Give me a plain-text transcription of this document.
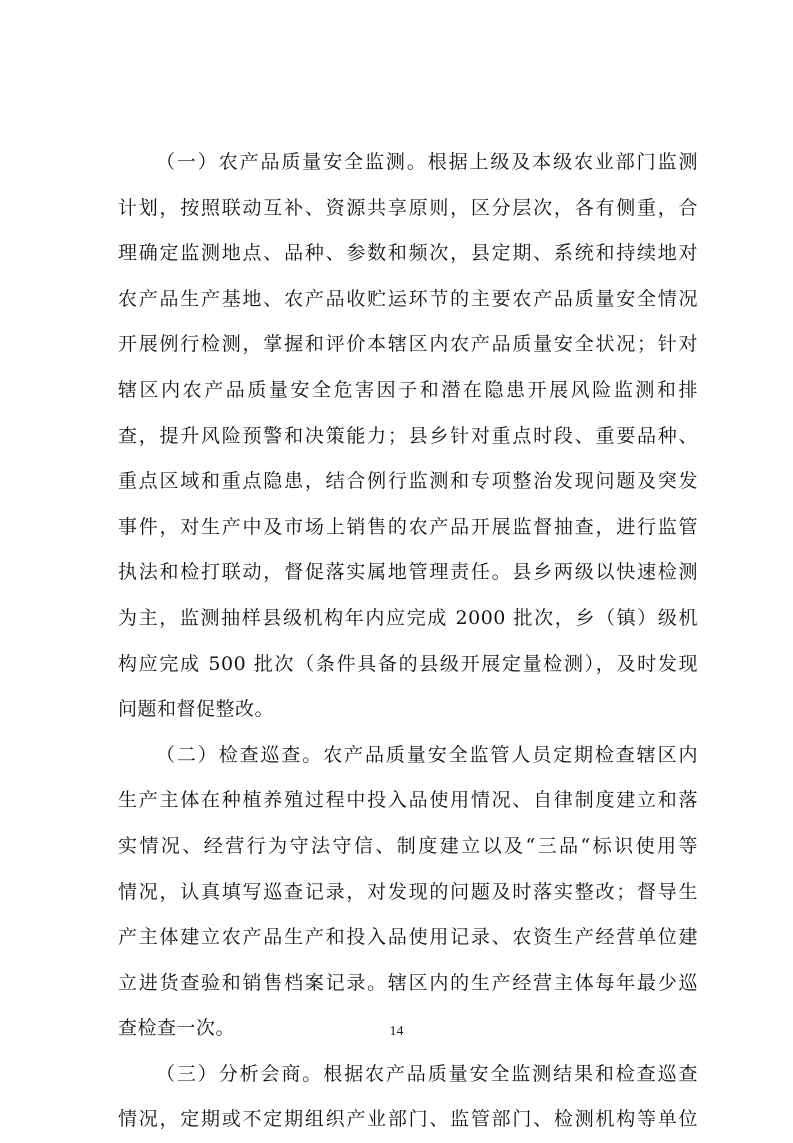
（一）农产品质量安全监测。根据上级及本级农业部门监测
计划，按照联动互补、资源共享原则，区分层次，各有侧重，合
理确定监测地点、品种、参数和频次，县定期、系统和持续地对
农产品生产基地、农产品收贮运环节的主要农产品质量安全情况
开展例行检测，掌握和评价本辖区内农产品质量安全状况；针对
辖区内农产品质量安全危害因子和潜在隐患开展风险监测和排
查，提升风险预警和决策能力；县乡针对重点时段、重要品种、
重点区域和重点隐患，结合例行监测和专项整治发现问题及突发
事件，对生产中及市场上销售的农产品开展监督抽查，进行监管
执法和检打联动，督促落实属地管理责任。县乡两级以快速检测
为主，监测抽样县级机构年内应完成 2000 批次，乡（镇）级机
构应完成 500 批次（条件具备的县级开展定量检测），及时发现
问题和督促整改。
（二）检查巡查。农产品质量安全监管人员定期检查辖区内
生产主体在种植养殖过程中投入品使用情况、自律制度建立和落
实情况、经营行为守法守信、制度建立以及“三品“标识使用等
情况，认真填写巡查记录，对发现的问题及时落实整改；督导生
产主体建立农产品生产和投入品使用记录、农资生产经营单位建
立进货查验和销售档案记录。辖区内的生产经营主体每年最少巡
查检查一次。
（三）分析会商。根据农产品质量安全监测结果和检查巡查
情况，定期或不定期组织产业部门、监管部门、检测机构等单位
14
